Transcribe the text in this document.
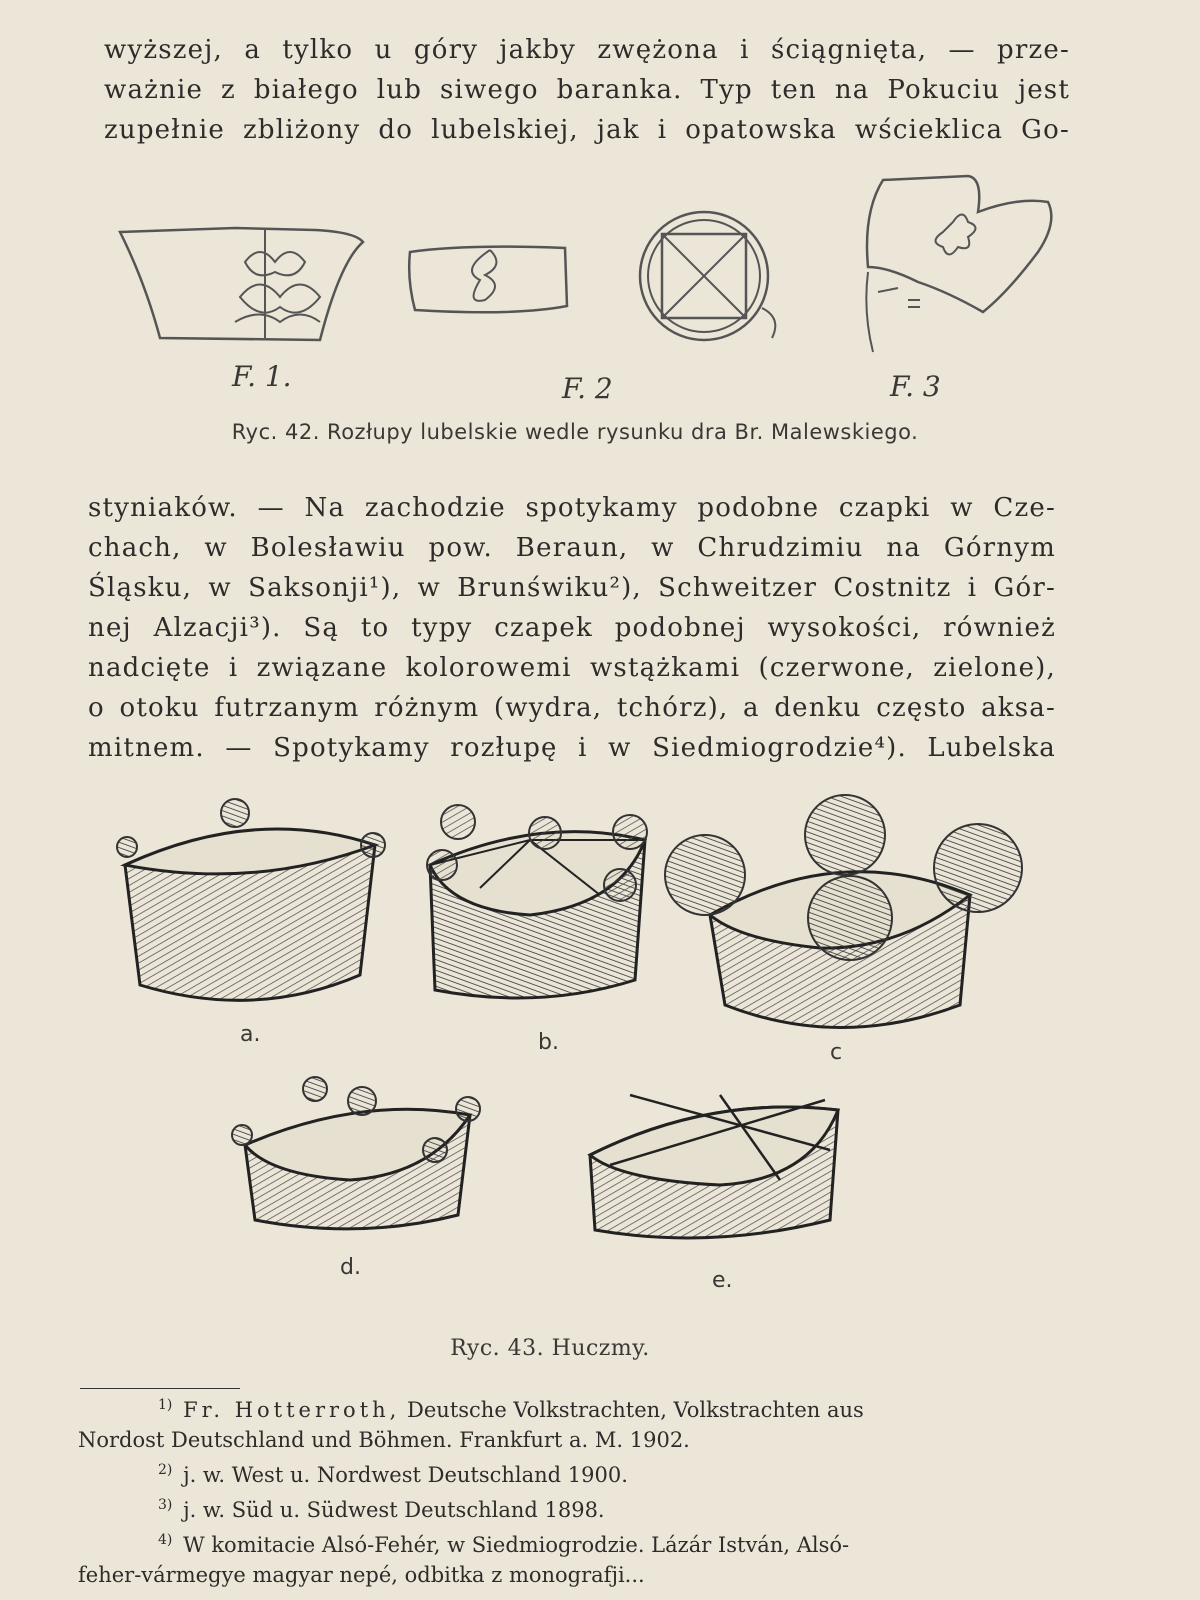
wyższej, a tylko u góry jakby zwężona i ściągnięta, — prze-
ważnie z białego lub siwego baranka. Typ ten na Pokuciu jest
zupełnie zbliżony do lubelskiej, jak i opatowska wścieklica Go-
F. 1.	F. 2	F. 3
Ryc. 42. Rozłupy lubelskie wedle rysunku dra Br. Malewskiego.
styniaków. — Na zachodzie spotykamy podobne czapki w Cze-
chach, w Bolesławiu pow. Beraun, w Chrudzimiu na Górnym
Śląsku, w Saksonji¹), w Brunświku²), Schweitzer Costnitz i Gór-
nej Alzacji³). Są to typy czapek podobnej wysokości, również
nadcięte i związane kolorowemi wstążkami (czerwone, zielone),
o otoku futrzanym różnym (wydra, tchórz), a denku często aksa-
mitnem. — Spotykamy rozłupę i w Siedmiogrodzie⁴). Lubelska
a.	b.	c
d.
e.
Ryc. 43. Huczmy.
$^{1)}$ Fr. Hotterroth, Deutsche Volkstrachten, Volkstrachten aus
Nordost Deutschland und Böhmen. Frankfurt a. M. 1902.
$^{2)}$ j. w. West u. Nordwest Deutschland 1900.
$^{3)}$ j. w. Süd u. Südwest Deutschland 1898.
$^{4)}$ W komitacie Alsó-Fehér, w Siedmiogrodzie. Lázár István, Alsó-
feher-vármegye magyar nepé, odbitka z monografji...
